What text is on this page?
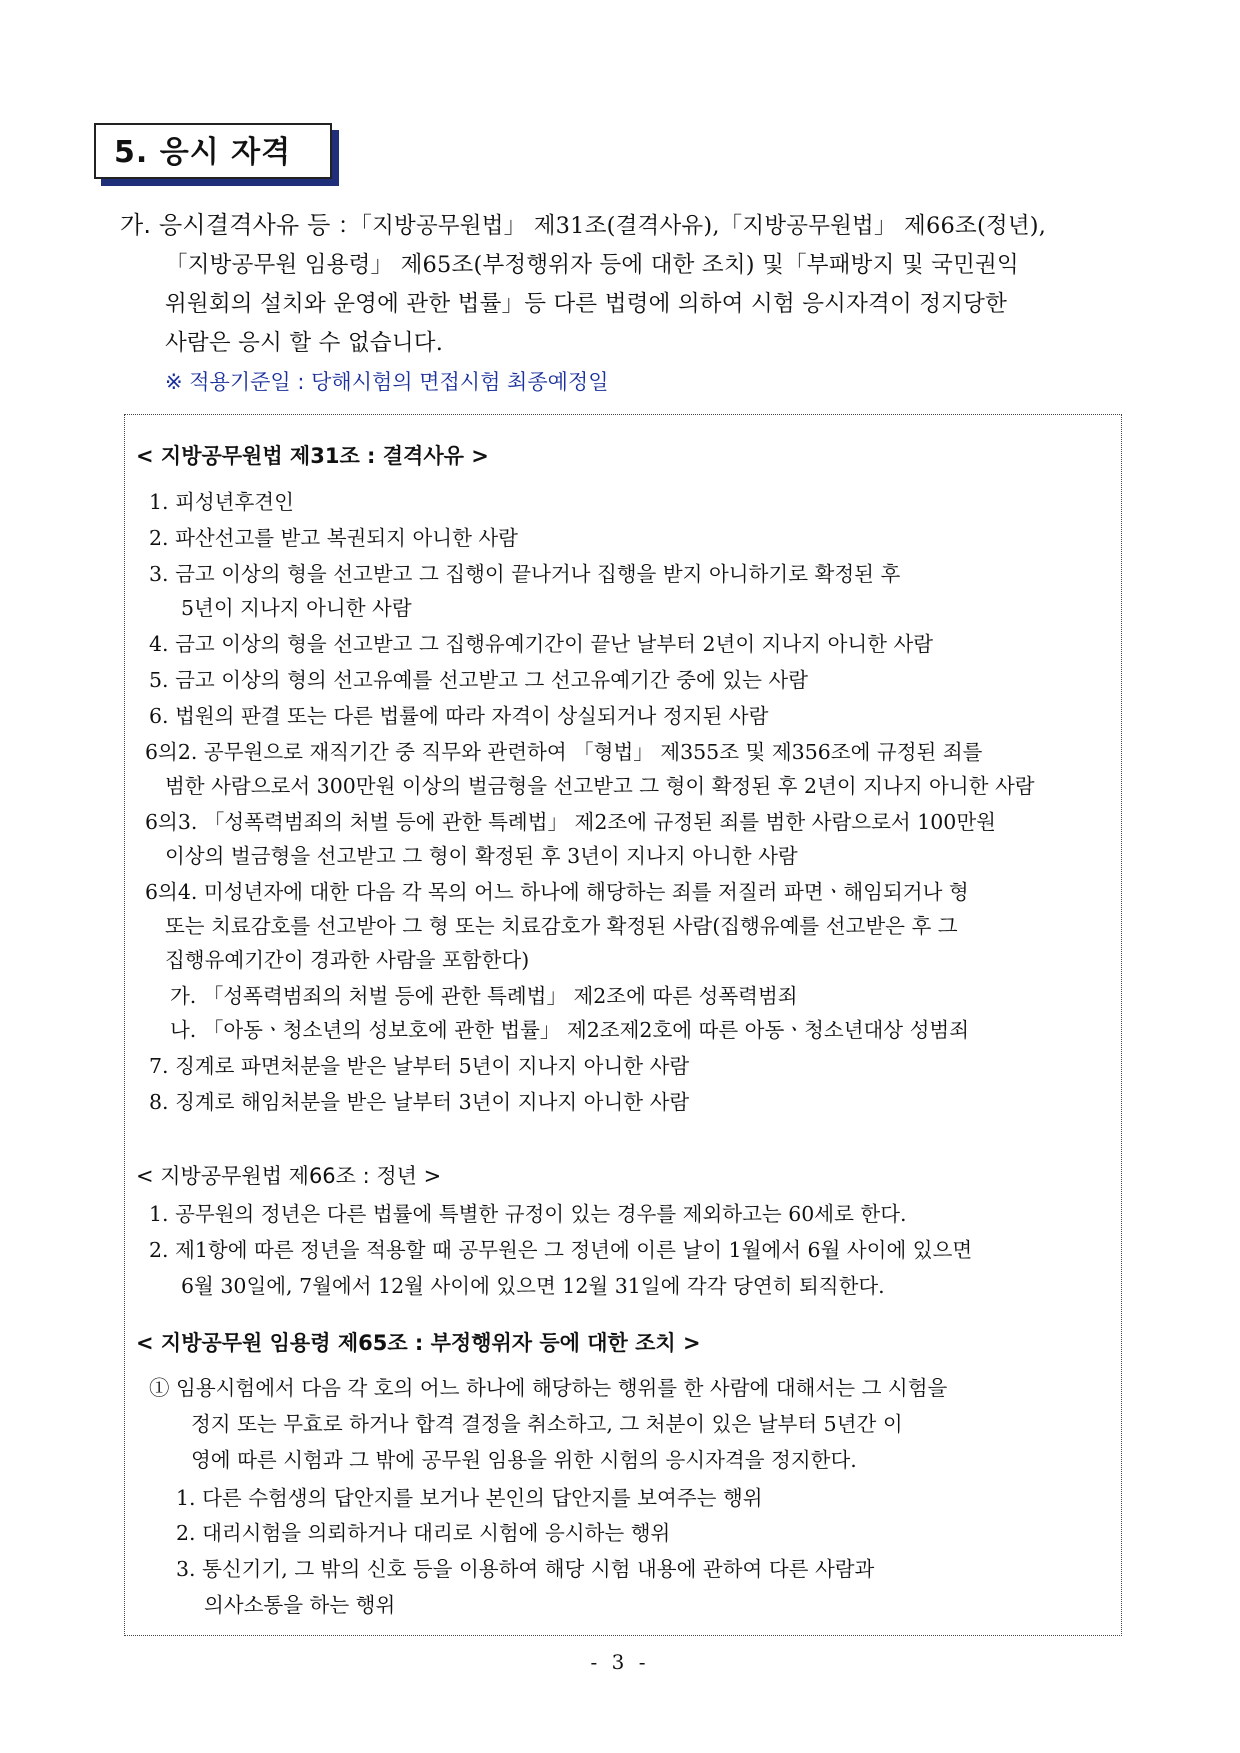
5. 응시 자격
가. 응시결격사유 등 ：「지방공무원법」 제31조(결격사유),「지방공무원법」 제66조(정년),
「지방공무원 임용령」 제65조(부정행위자 등에 대한 조치) 및「부패방지 및 국민권익
위원회의 설치와 운영에 관한 법률」등 다른 법령에 의하여 시험 응시자격이 정지당한
사람은 응시 할 수 없습니다.
※ 적용기준일 : 당해시험의 면접시험 최종예정일
< 지방공무원법 제31조 : 결격사유 >
1. 피성년후견인
2. 파산선고를 받고 복권되지 아니한 사람
3. 금고 이상의 형을 선고받고 그 집행이 끝나거나 집행을 받지 아니하기로 확정된 후
5년이 지나지 아니한 사람
4. 금고 이상의 형을 선고받고 그 집행유예기간이 끝난 날부터 2년이 지나지 아니한 사람
5. 금고 이상의 형의 선고유예를 선고받고 그 선고유예기간 중에 있는 사람
6. 법원의 판결 또는 다른 법률에 따라 자격이 상실되거나 정지된 사람
6의2. 공무원으로 재직기간 중 직무와 관련하여 「형법」 제355조 및 제356조에 규정된 죄를
범한 사람으로서 300만원 이상의 벌금형을 선고받고 그 형이 확정된 후 2년이 지나지 아니한 사람
6의3. 「성폭력범죄의 처벌 등에 관한 특례법」 제2조에 규정된 죄를 범한 사람으로서 100만원
이상의 벌금형을 선고받고 그 형이 확정된 후 3년이 지나지 아니한 사람
6의4. 미성년자에 대한 다음 각 목의 어느 하나에 해당하는 죄를 저질러 파면ㆍ해임되거나 형
또는 치료감호를 선고받아 그 형 또는 치료감호가 확정된 사람(집행유예를 선고받은 후 그
집행유예기간이 경과한 사람을 포함한다)
가. 「성폭력범죄의 처벌 등에 관한 특례법」 제2조에 따른 성폭력범죄
나. 「아동ㆍ청소년의 성보호에 관한 법률」 제2조제2호에 따른 아동ㆍ청소년대상 성범죄
7. 징계로 파면처분을 받은 날부터 5년이 지나지 아니한 사람
8. 징계로 해임처분을 받은 날부터 3년이 지나지 아니한 사람
< 지방공무원법 제66조 : 정년 >
1. 공무원의 정년은 다른 법률에 특별한 규정이 있는 경우를 제외하고는 60세로 한다.
2. 제1항에 따른 정년을 적용할 때 공무원은 그 정년에 이른 날이 1월에서 6월 사이에 있으면
6월 30일에, 7월에서 12월 사이에 있으면 12월 31일에 각각 당연히 퇴직한다.
< 지방공무원 임용령 제65조 : 부정행위자 등에 대한 조치 >
① 임용시험에서 다음 각 호의 어느 하나에 해당하는 행위를 한 사람에 대해서는 그 시험을
정지 또는 무효로 하거나 합격 결정을 취소하고, 그 처분이 있은 날부터 5년간 이
영에 따른 시험과 그 밖에 공무원 임용을 위한 시험의 응시자격을 정지한다.
1. 다른 수험생의 답안지를 보거나 본인의 답안지를 보여주는 행위
2. 대리시험을 의뢰하거나 대리로 시험에 응시하는 행위
3. 통신기기, 그 밖의 신호 등을 이용하여 해당 시험 내용에 관하여 다른 사람과
의사소통을 하는 행위
- 3 -
